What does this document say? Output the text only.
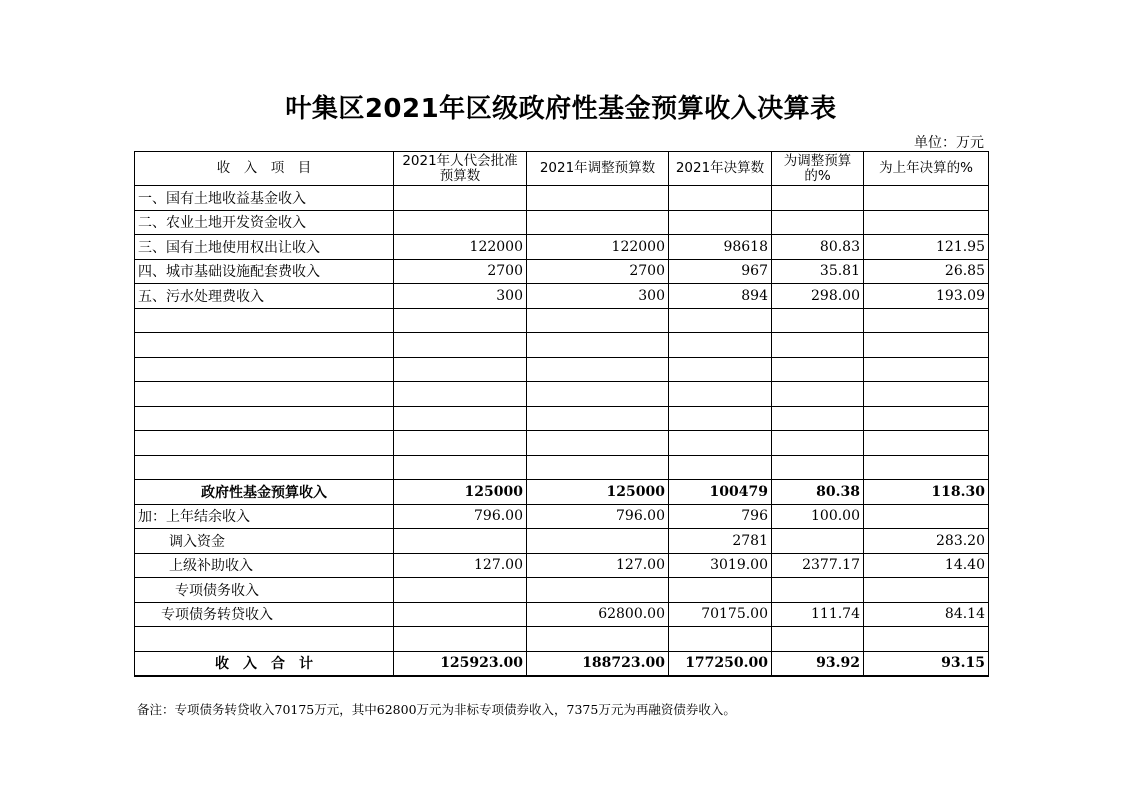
叶集区2021年区级政府性基金预算收入决算表
单位：万元
收　入　项　目	2021年人代会批准预算数	2021年调整预算数	2021年决算数	为调整预算的%	为上年决算的%
一、国有土地收益基金收入					
二、农业土地开发资金收入					
三、国有土地使用权出让收入	122000	122000	98618	80.83	121.95
四、城市基础设施配套费收入	2700	2700	967	35.81	26.85
五、污水处理费收入	300	300	894	298.00	193.09

政府性基金预算收入	125000	125000	100479	80.38	118.30
加：上年结余收入	796.00	796.00	796	100.00	
调入资金			2781		283.20
上级补助收入	127.00	127.00	3019.00	2377.17	14.40
专项债务收入					
专项债务转贷收入		62800.00	70175.00	111.74	84.14

收　入　合　计	125923.00	188723.00	177250.00	93.92	93.15
备注：专项债务转贷收入70175万元，其中62800万元为非标专项债券收入，7375万元为再融资债券收入。
